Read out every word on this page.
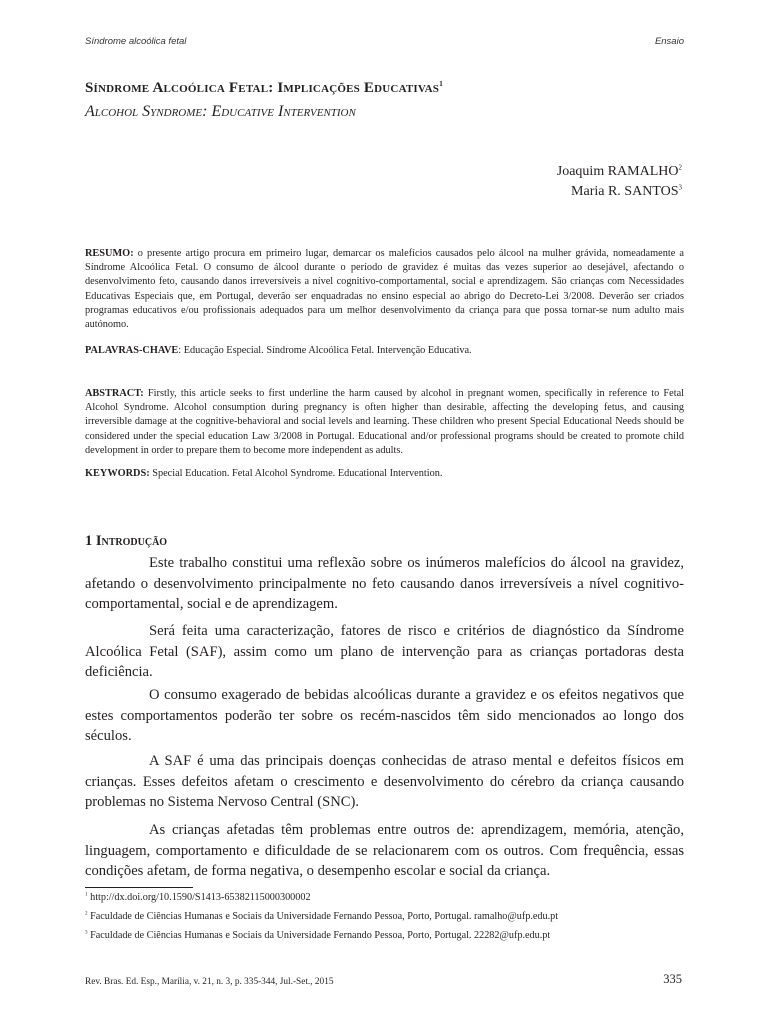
Síndrome alcoólica fetal	Ensaio
Síndrome Alcoólica Fetal: Implicações Educativas$^1$
Alcohol Syndrome: Educative Intervention
Joaquim RAMALHO$^2$
Maria R. SANTOS$^3$
RESUMO: o presente artigo procura em primeiro lugar, demarcar os malefícios causados pelo álcool na mulher grávida, nomeadamente a Síndrome Alcoólica Fetal. O consumo de álcool durante o período de gravidez é muitas das vezes superior ao desejável, afectando o desenvolvimento feto, causando danos irreversíveis a nível cognitivo-comportamental, social e aprendizagem. São crianças com Necessidades Educativas Especiais que, em Portugal, deverão ser enquadradas no ensino especial ao abrigo do Decreto-Lei 3/2008. Deverão ser criados programas educativos e/ou profissionais adequados para um melhor desenvolvimento da criança para que possa tornar-se num adulto mais autónomo.
PALAVRAS-CHAVE: Educação Especial. Síndrome Alcoólica Fetal. Intervenção Educativa.
ABSTRACT: Firstly, this article seeks to first underline the harm caused by alcohol in pregnant women, specifically in reference to Fetal Alcohol Syndrome. Alcohol consumption during pregnancy is often higher than desirable, affecting the developing fetus, and causing irreversible damage at the cognitive-behavioral and social levels and learning. These children who present Special Educational Needs should be considered under the special education Law 3/2008 in Portugal. Educational and/or professional programs should be created to promote child development in order to prepare them to become more independent as adults.
KEYWORDS: Special Education. Fetal Alcohol Syndrome. Educational Intervention.
1 Introdução

Este trabalho constitui uma reflexão sobre os inúmeros malefícios do álcool na gravidez, afetando o desenvolvimento principalmente no feto causando danos irreversíveis a nível cognitivo-comportamental, social e de aprendizagem.

Será feita uma caracterização, fatores de risco e critérios de diagnóstico da Síndrome Alcoólica Fetal (SAF), assim como um plano de intervenção para as crianças portadoras desta deficiência.

O consumo exagerado de bebidas alcoólicas durante a gravidez e os efeitos negativos que estes comportamentos poderão ter sobre os recém-nascidos têm sido mencionados ao longo dos séculos.

A SAF é uma das principais doenças conhecidas de atraso mental e defeitos físicos em crianças. Esses defeitos afetam o crescimento e desenvolvimento do cérebro da criança causando problemas no Sistema Nervoso Central (SNC).

As crianças afetadas têm problemas entre outros de: aprendizagem, memória, atenção, linguagem, comportamento e dificuldade de se relacionarem com os outros. Com frequência, essas condições afetam, de forma negativa, o desempenho escolar e social da criança.

$^1$ http://dx.doi.org/10.1590/S1413-65382115000300002
$^2$ Faculdade de Ciências Humanas e Sociais da Universidade Fernando Pessoa, Porto, Portugal. ramalho@ufp.edu.pt
$^3$ Faculdade de Ciências Humanas e Sociais da Universidade Fernando Pessoa, Porto, Portugal. 22282@ufp.edu.pt
Rev. Bras. Ed. Esp., Marília, v. 21, n. 3, p. 335-344, Jul.-Set., 2015	335
